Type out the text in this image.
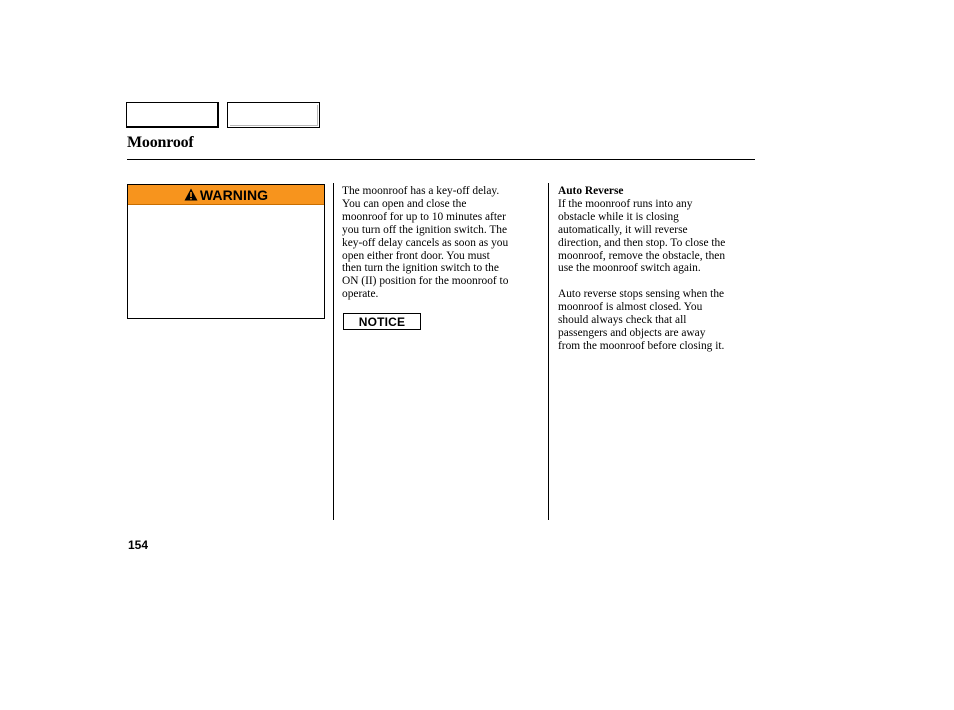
Moonroof
WARNING	The moonroof has a key-off delay.
You can open and close the
moonroof for up to 10 minutes after
you turn off the ignition switch. The
key-off delay cancels as soon as you
open either front door. You must
then turn the ignition switch to the
ON (II) position for the moonroof to
operate.
NOTICE
Auto Reverse
If the moonroof runs into any
obstacle while it is closing
automatically, it will reverse
direction, and then stop. To close the
moonroof, remove the obstacle, then
use the moonroof switch again.
Auto reverse stops sensing when the
moonroof is almost closed. You
should always check that all
passengers and objects are away
from the moonroof before closing it.
154
